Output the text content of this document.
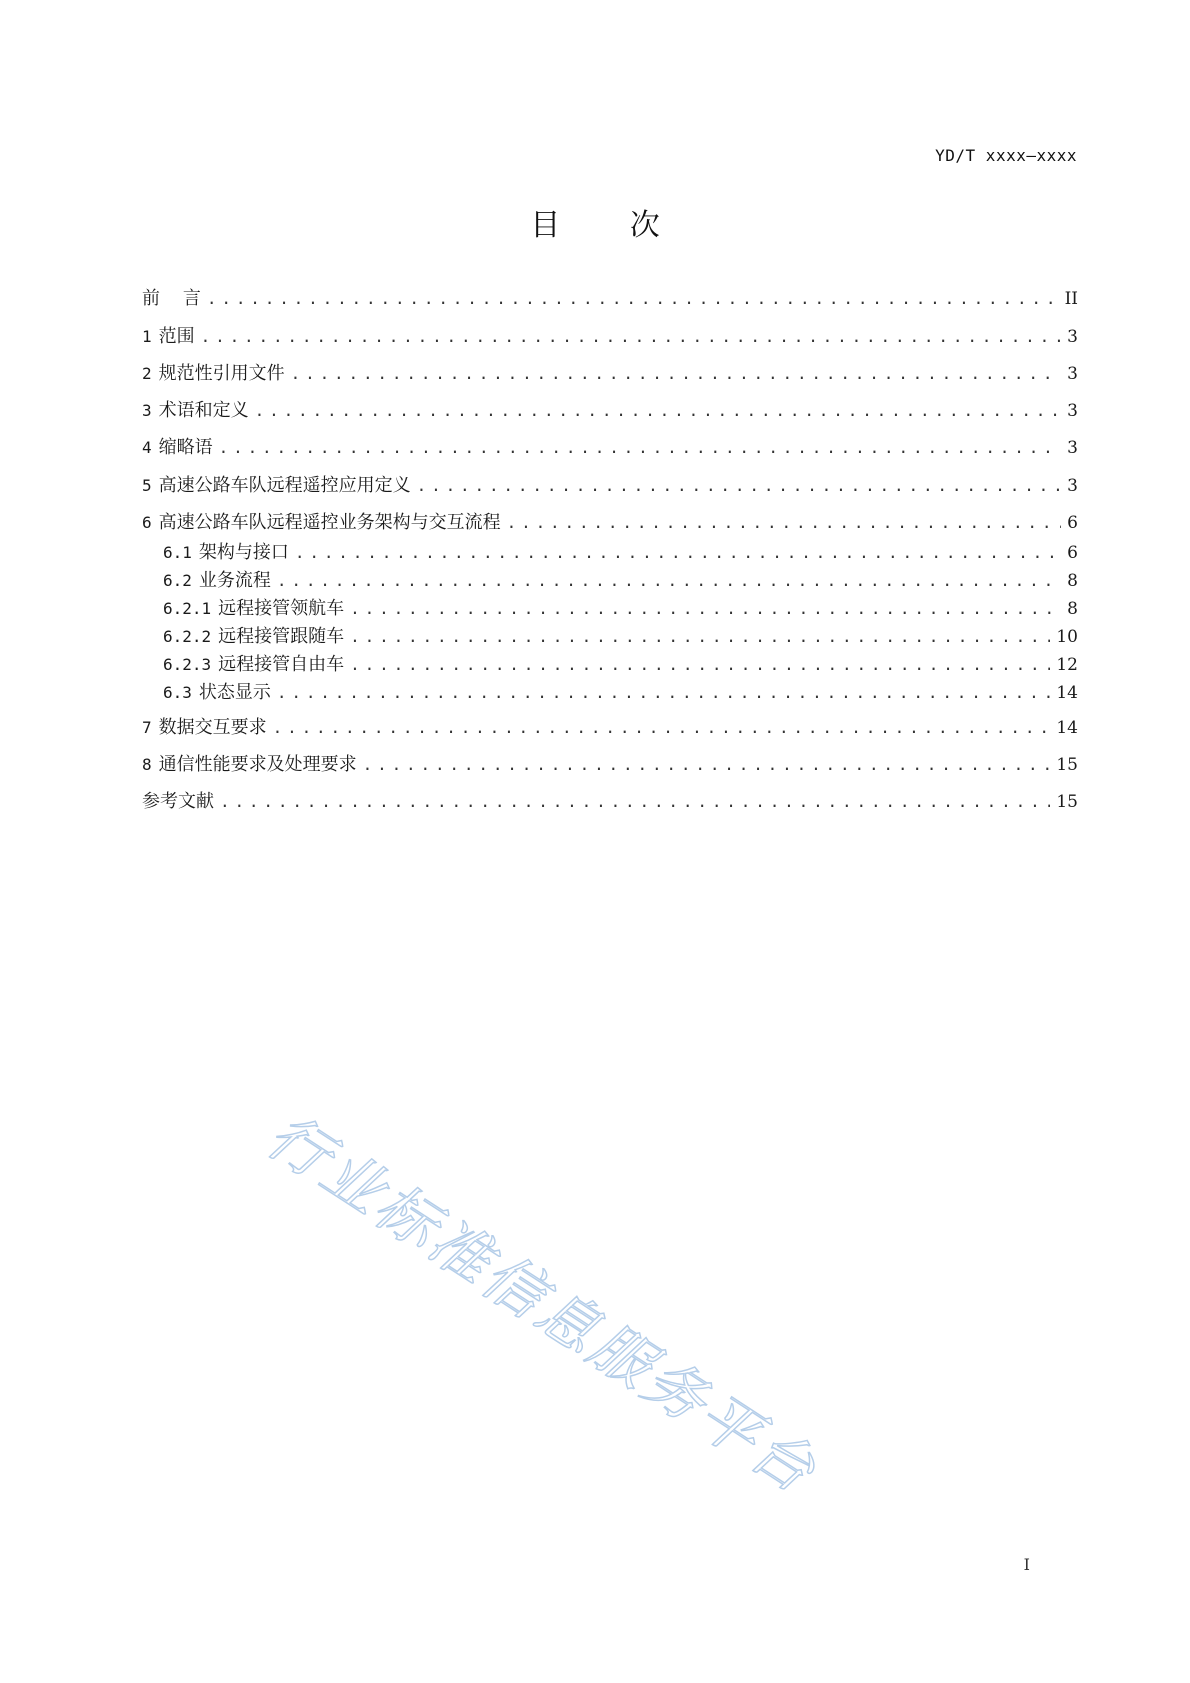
YD/T xxxx—xxxx
目 次
前    言 . . .	II
1 范围 . . .	3
2 规范性引用文件 . . .	3
3 术语和定义 . . .	3
4 缩略语 . . .	3
5 高速公路车队远程遥控应用定义 . . .	3
6 高速公路车队远程遥控业务架构与交互流程 . . .	6
6.1 架构与接口 . . .	6
6.2 业务流程 . . .	8
6.2.1 远程接管领航车 . . .	8
6.2.2 远程接管跟随车 . . .	10
6.2.3 远程接管自由车 . . .	12
6.3 状态显示 . . .	14
7 数据交互要求 . . .	14
8 通信性能要求及处理要求 . . .	15
参考文献 . . .	15
行业标准信息服务平台
I
